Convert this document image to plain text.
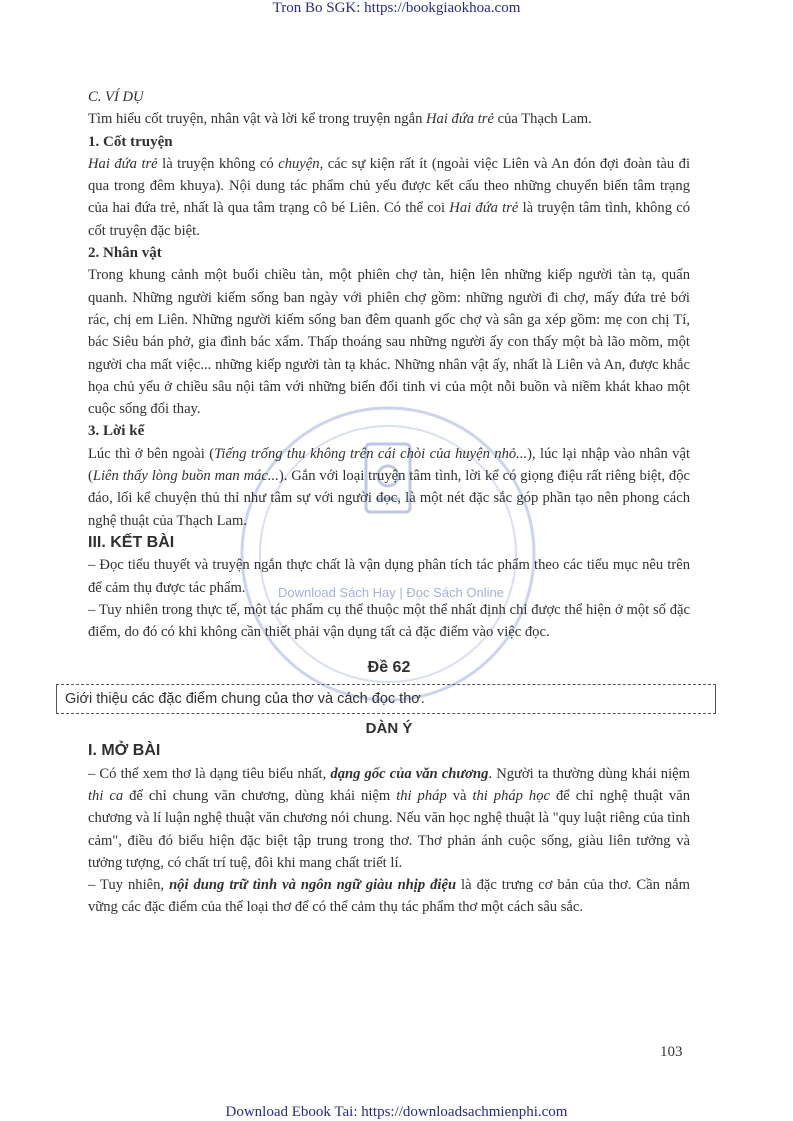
Tron Bo SGK: https://bookgiaokhoa.com
Download Sách Hay | Đọc Sách Online

C. VÍ DỤ

Tìm hiểu cốt truyện, nhân vật và lời kể trong truyện ngắn Hai đứa trẻ của Thạch Lam.

1. Cốt truyện

Hai đứa trẻ là truyện không có chuyện, các sự kiện rất ít (ngoài việc Liên và An đón đợi đoàn tàu đi qua trong đêm khuya). Nội dung tác phẩm chủ yếu được kết cấu theo những chuyển biến tâm trạng của hai đứa trẻ, nhất là qua tâm trạng cô bé Liên. Có thể coi Hai đứa trẻ là truyện tâm tình, không có cốt truyện đặc biệt.

2. Nhân vật

Trong khung cảnh một buổi chiều tàn, một phiên chợ tàn, hiện lên những kiếp người tàn tạ, quẩn quanh. Những người kiếm sống ban ngày với phiên chợ gồm: những người đi chợ, mấy đứa trẻ bới rác, chị em Liên. Những người kiếm sống ban đêm quanh gốc chợ và sân ga xép gồm: mẹ con chị Tí, bác Siêu bán phở, gia đình bác xẩm. Thấp thoáng sau những người ấy con thấy một bà lão mõm, một người cha mất việc... những kiếp người tàn tạ khác. Những nhân vật ấy, nhất là Liên và An, được khắc họa chủ yếu ở chiều sâu nội tâm với những biến đổi tinh vi của một nỗi buồn và niềm khát khao một cuộc sống đổi thay.

3. Lời kể

Lúc thì ở bên ngoài (Tiếng trống thu không trên cái chòi của huyện nhỏ...), lúc lại nhập vào nhân vật (Liên thấy lòng buồn man mác...). Gắn với loại truyện tâm tình, lời kể có giọng điệu rất riêng biệt, độc đáo, lối kể chuyện thủ thỉ như tâm sự với người đọc, là một nét đặc sắc góp phần tạo nên phong cách nghệ thuật của Thạch Lam.

III. KẾT BÀI

– Đọc tiểu thuyết và truyện ngắn thực chất là vận dụng phân tích tác phẩm theo các tiểu mục nêu trên để cảm thụ được tác phẩm.

– Tuy nhiên trong thực tế, một tác phẩm cụ thể thuộc một thể nhất định chỉ được thể hiện ở một số đặc điểm, do đó có khi không cần thiết phải vận dụng tất cả đặc điểm vào việc đọc.

Đề 62
Giới thiệu các đặc điểm chung của thơ và cách đọc thơ.
DÀN Ý

I. MỞ BÀI

– Có thể xem thơ là dạng tiêu biểu nhất, dạng gốc của văn chương. Người ta thường dùng khái niệm thi ca để chỉ chung văn chương, dùng khái niệm thi pháp và thi pháp học để chỉ nghệ thuật văn chương và lí luận nghệ thuật văn chương nói chung. Nếu văn học nghệ thuật là "quy luật riêng của tình cảm", điều đó biểu hiện đặc biệt tập trung trong thơ. Thơ phản ánh cuộc sống, giàu liên tưởng và tưởng tượng, có chất trí tuệ, đôi khi mang chất triết lí.

– Tuy nhiên, nội dung trữ tình và ngôn ngữ giàu nhịp điệu là đặc trưng cơ bản của thơ. Cần nắm vững các đặc điểm của thể loại thơ để có thể cảm thụ tác phẩm thơ một cách sâu sắc.

103
Download Ebook Tai: https://downloadsachmienphi.com
